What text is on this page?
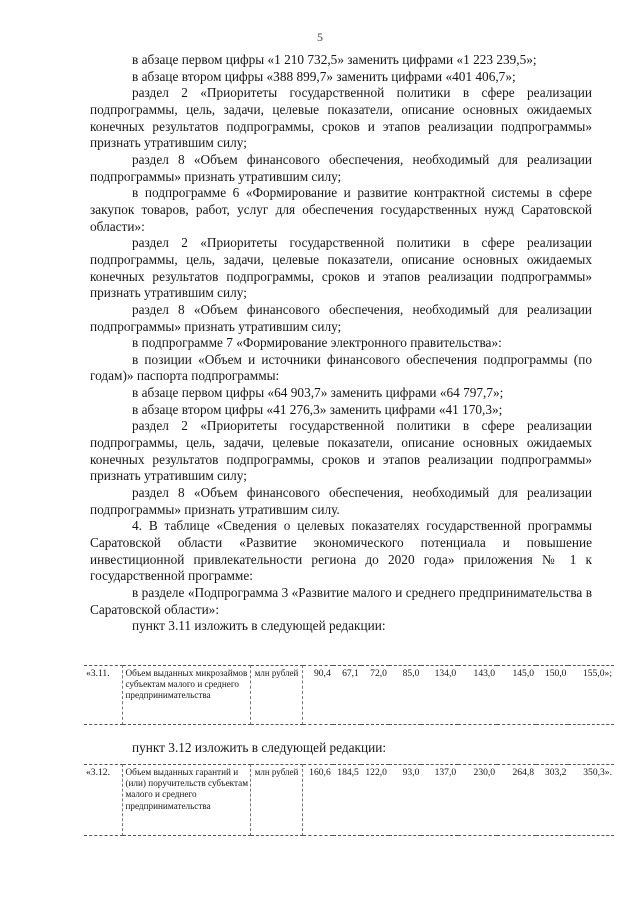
5
в абзаце первом цифры «1 210 732,5» заменить цифрами «1 223 239,5»;
в абзаце втором цифры «388 899,7» заменить цифрами «401 406,7»;
раздел 2 «Приоритеты государственной политики в сфере реализации подпрограммы, цель, задачи, целевые показатели, описание основных ожидаемых конечных результатов подпрограммы, сроков и этапов реализации подпрограммы» признать утратившим силу;
раздел 8 «Объем финансового обеспечения, необходимый для реализации подпрограммы» признать утратившим силу;
в подпрограмме 6 «Формирование и развитие контрактной системы в сфере закупок товаров, работ, услуг для обеспечения государственных нужд Саратовской области»:
раздел 2 «Приоритеты государственной политики в сфере реализации подпрограммы, цель, задачи, целевые показатели, описание основных ожидаемых конечных результатов подпрограммы, сроков и этапов реализации подпрограммы» признать утратившим силу;
раздел 8 «Объем финансового обеспечения, необходимый для реализации подпрограммы» признать утратившим силу;
в подпрограмме 7 «Формирование электронного правительства»:
в позиции «Объем и источники финансового обеспечения подпрограммы (по годам)» паспорта подпрограммы:
в абзаце первом цифры «64 903,7» заменить цифрами «64 797,7»;
в абзаце втором цифры «41 276,3» заменить цифрами «41 170,3»;
раздел 2 «Приоритеты государственной политики в сфере реализации подпрограммы, цель, задачи, целевые показатели, описание основных ожидаемых конечных результатов подпрограммы, сроков и этапов реализации подпрограммы» признать утратившим силу;
раздел 8 «Объем финансового обеспечения, необходимый для реализации подпрограммы» признать утратившим силу.
4. В таблице «Сведения о целевых показателях государственной программы Саратовской области «Развитие экономического потенциала и повышение инвестиционной привлекательности региона до 2020 года» приложения № 1 к государственной программе:
в разделе «Подпрограмма 3 «Развитие малого и среднего предпринимательства в Саратовской области»:
пункт 3.11 изложить в следующей редакции:
«3.11.	Объем выданных микрозаймов субъектам малого и среднего предпринимательства	млн рублей	90,4	67,1	72,0	85,0	134,0	143,0	145,0	150,0	155,0»;
пункт 3.12 изложить в следующей редакции:
«3.12.	Объем выданных гарантий и (или) поручительств субъектам малого и среднего предпринимательства	млн рублей	160,6	184,5	122,0	93,0	137,0	230,0	264,8	303,2	350,3».
